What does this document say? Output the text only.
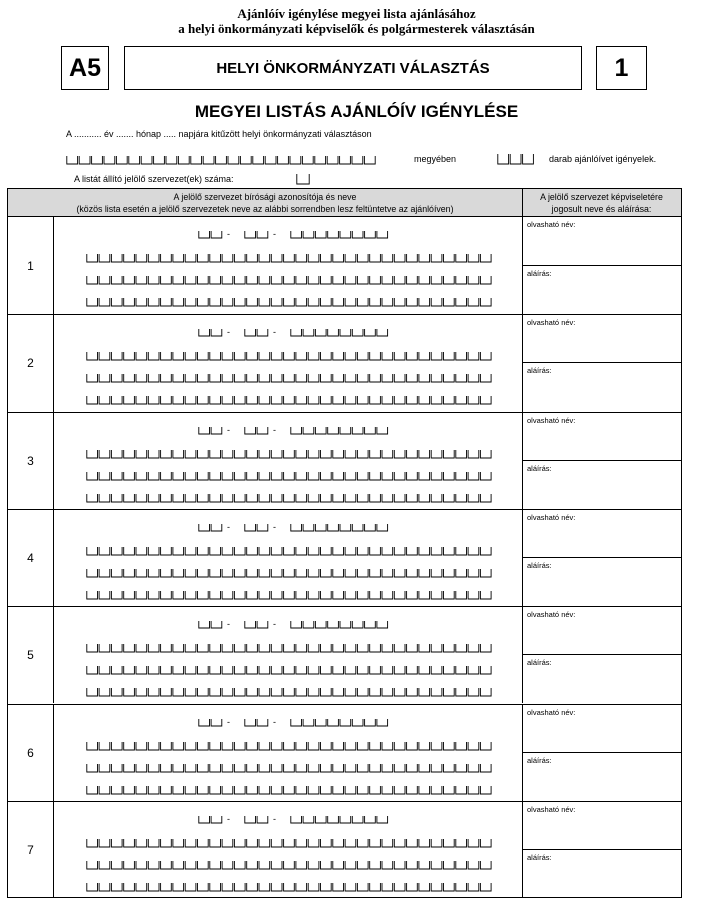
Ajánlóív igénylése megyei lista ajánlásához
a helyi önkormányzati képviselők és polgármesterek választásán
A5	HELYI ÖNKORMÁNYZATI VÁLASZTÁS	1
MEGYEI LISTÁS AJÁNLÓÍV IGÉNYLÉSE
A ........... év ....... hónap ..... napjára kitűzött helyi önkormányzati választáson
megyében	darab ajánlóívet igényelek.
A listát állító jelölő szervezet(ek) száma:
A jelölő szervezet bírósági azonosítója és neve
(közös lista esetén a jelölő szervezetek neve az alábbi sorrendben lesz feltüntetve az ajánlóíven)
A jelölő szervezet képviseletére
jogosult neve és aláírása:
1
-	-
olvasható név:
aláírás:
2
-	-
olvasható név:
aláírás:
3
-	-
olvasható név:
aláírás:
4
-	-
olvasható név:
aláírás:
5
-	-
olvasható név:
aláírás:
6
-	-
olvasható név:
aláírás:
7
-	-
olvasható név:
aláírás:
